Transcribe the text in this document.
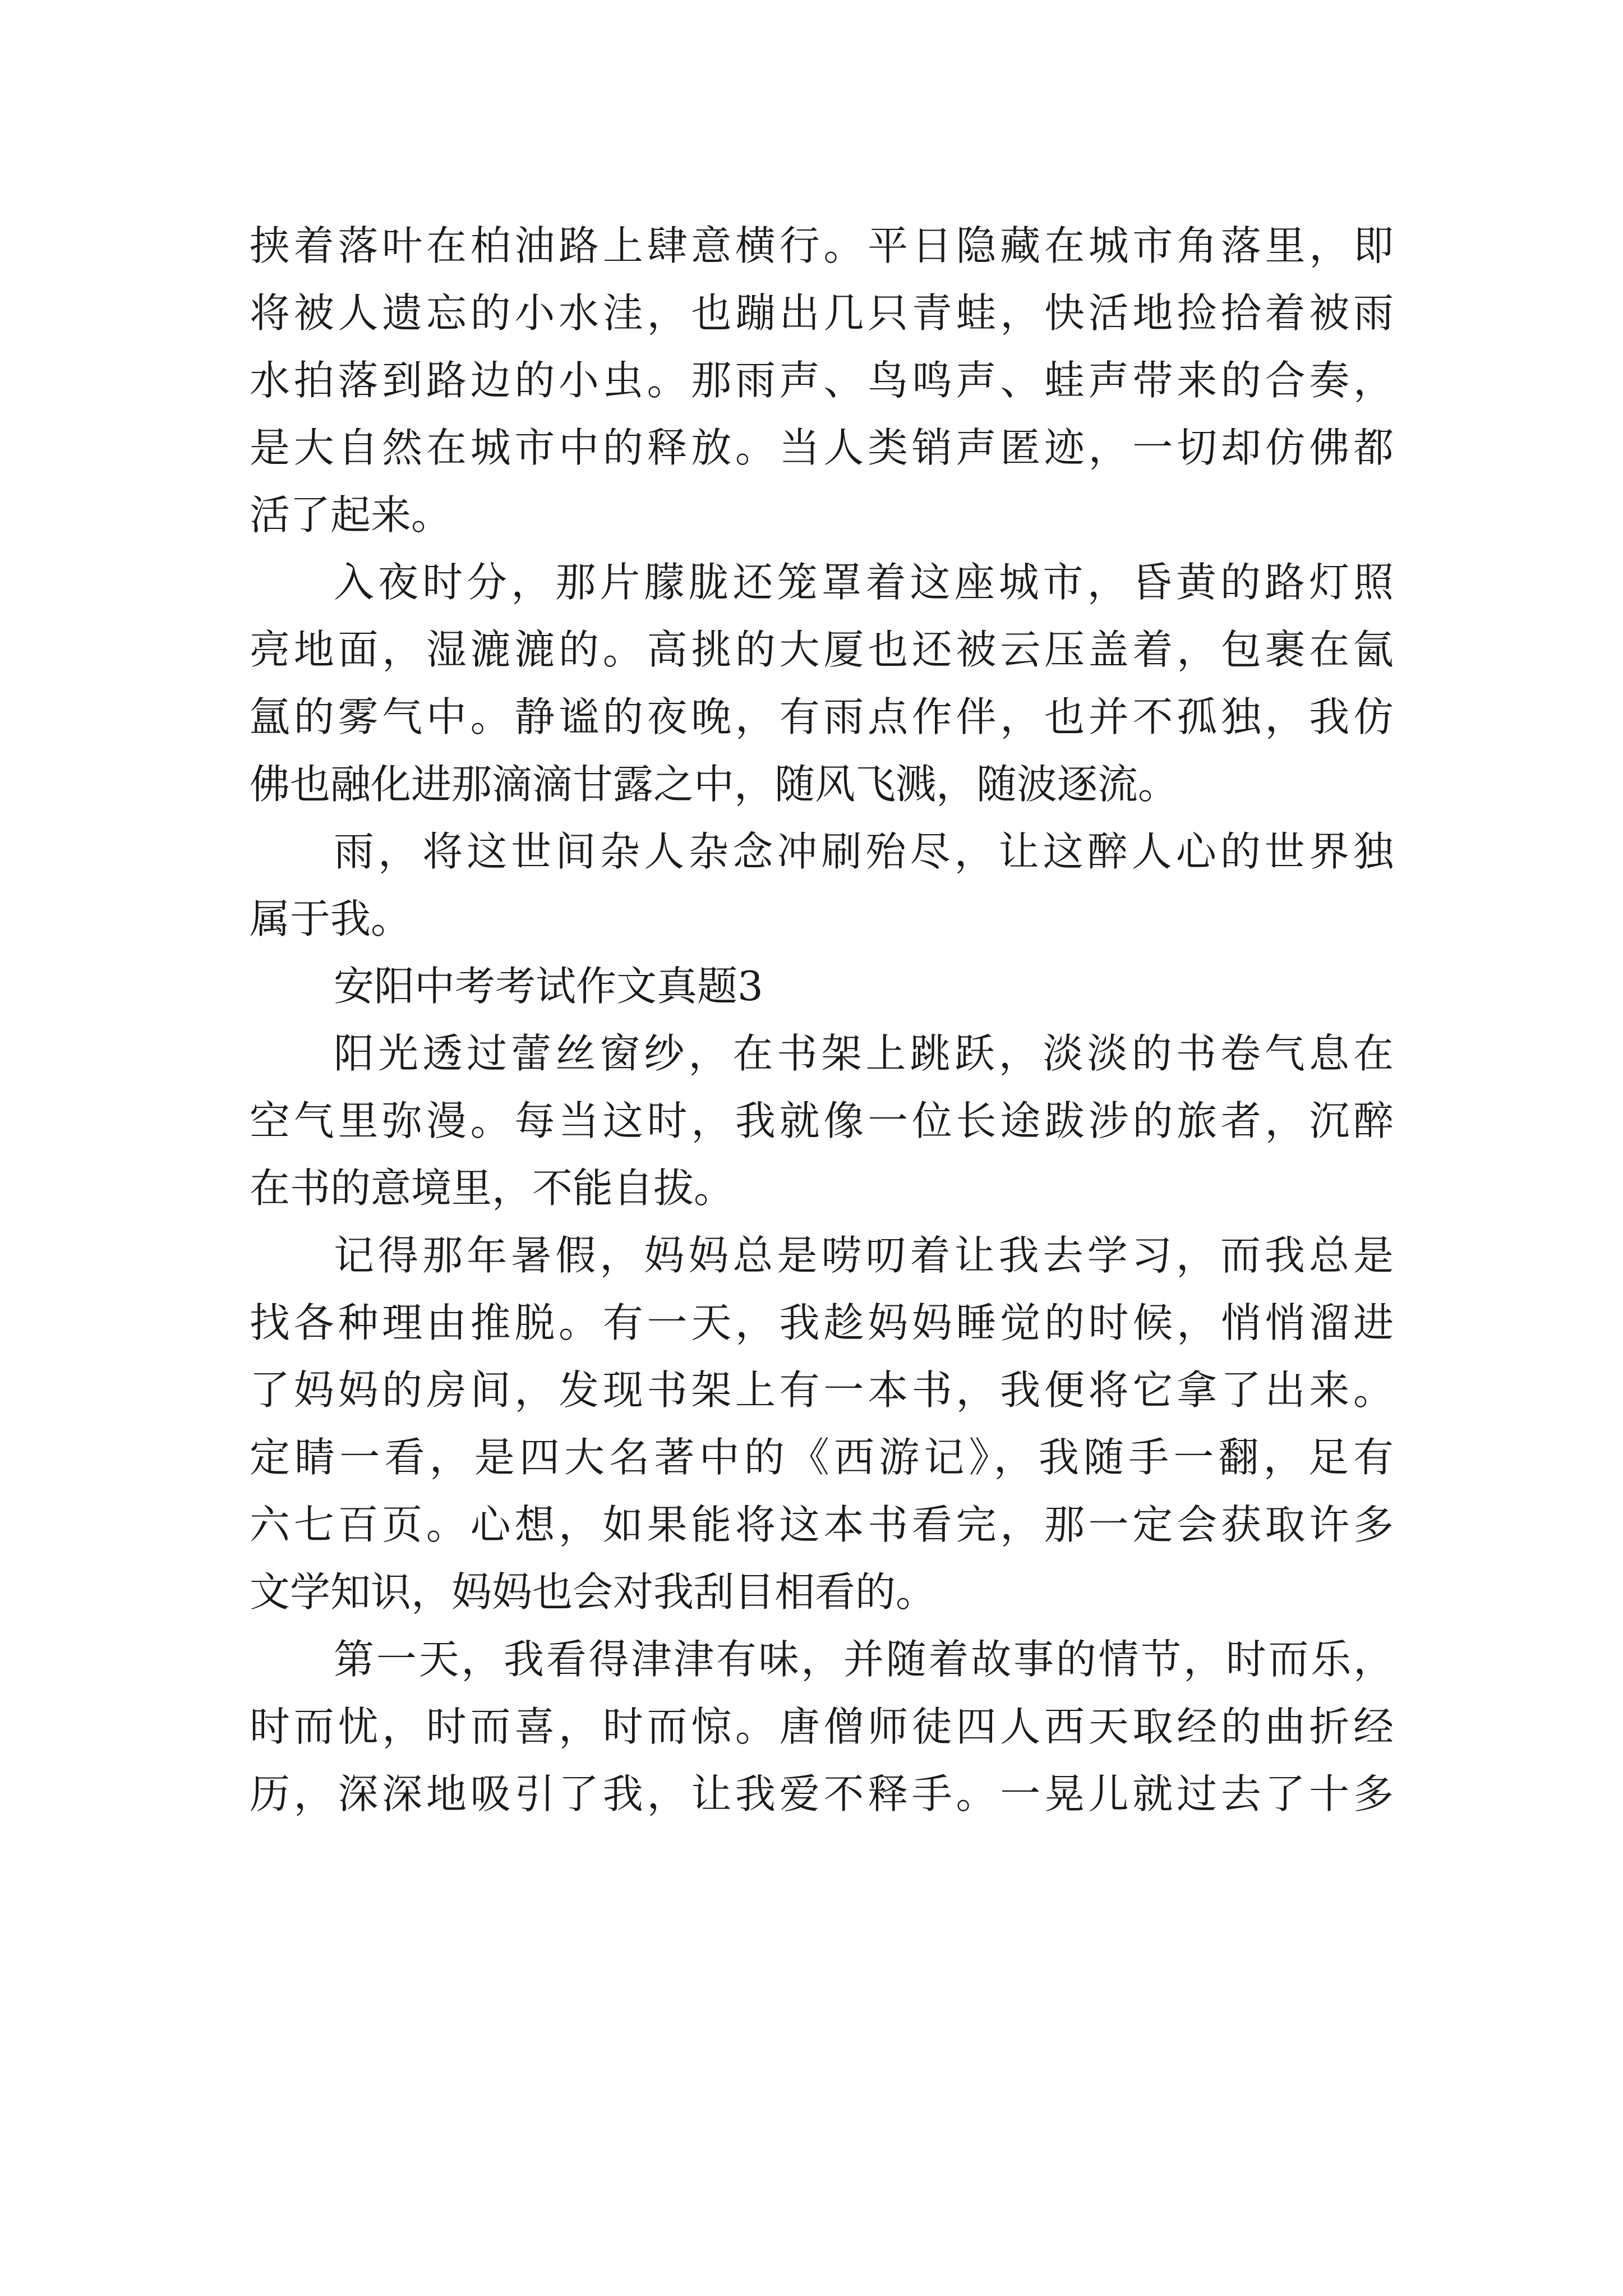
挟着落叶在柏油路上肆意横行。平日隐藏在城市角落里，即
将被人遗忘的小水洼，也蹦出几只青蛙，快活地捡拾着被雨
水拍落到路边的小虫。那雨声、鸟鸣声、蛙声带来的合奏，
是大自然在城市中的释放。当人类销声匿迹，一切却仿佛都
活了起来。
入夜时分，那片朦胧还笼罩着这座城市，昏黄的路灯照
亮地面，湿漉漉的。高挑的大厦也还被云压盖着，包裹在氤
氲的雾气中。静谧的夜晚，有雨点作伴，也并不孤独，我仿
佛也融化进那滴滴甘露之中，随风飞溅，随波逐流。
雨，将这世间杂人杂念冲刷殆尽，让这醉人心的世界独
属于我。
安阳中考考试作文真题3
阳光透过蕾丝窗纱，在书架上跳跃，淡淡的书卷气息在
空气里弥漫。每当这时，我就像一位长途跋涉的旅者，沉醉
在书的意境里，不能自拔。
记得那年暑假，妈妈总是唠叨着让我去学习，而我总是
找各种理由推脱。有一天，我趁妈妈睡觉的时候，悄悄溜进
了妈妈的房间，发现书架上有一本书，我便将它拿了出来。
定睛一看，是四大名著中的《西游记》，我随手一翻，足有
六七百页。心想，如果能将这本书看完，那一定会获取许多
文学知识，妈妈也会对我刮目相看的。
第一天，我看得津津有味，并随着故事的情节，时而乐，
时而忧，时而喜，时而惊。唐僧师徒四人西天取经的曲折经
历，深深地吸引了我，让我爱不释手。一晃儿就过去了十多
